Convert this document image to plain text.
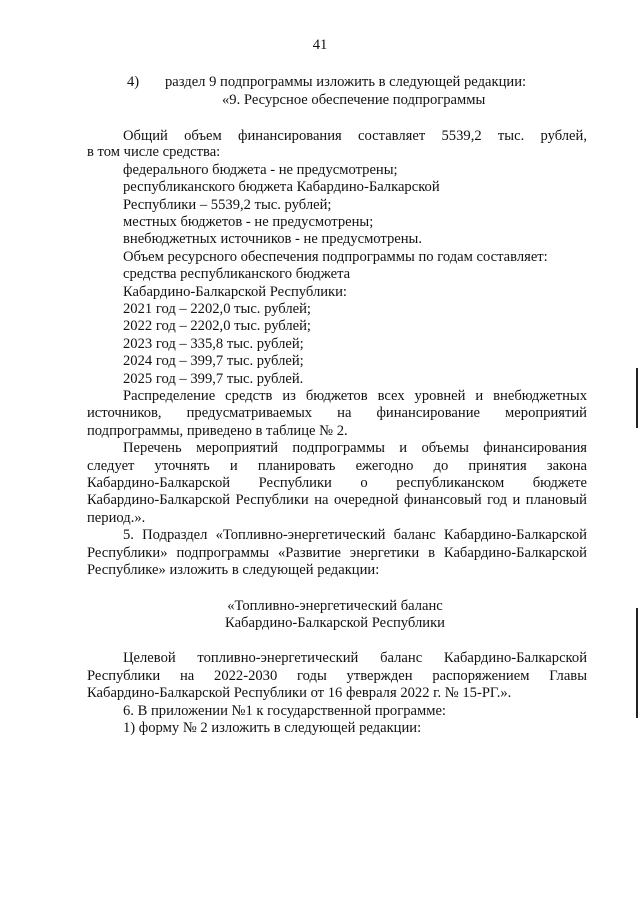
41
4)	раздел 9 подпрограммы изложить в следующей редакции:
«9. Ресурсное обеспечение подпрограммы
Общий объем финансирования составляет 5539,2 тыс. рублей,
в том числе средства:
федерального бюджета - не предусмотрены;
республиканского бюджета Кабардино-Балкарской
Республики – 5539,2 тыс. рублей;
местных бюджетов - не предусмотрены;
внебюджетных источников - не предусмотрены.
Объем ресурсного обеспечения подпрограммы по годам составляет:
средства республиканского бюджета
Кабардино-Балкарской Республики:
2021 год – 2202,0 тыс. рублей;
2022 год – 2202,0 тыс. рублей;
2023 год – 335,8 тыс. рублей;
2024 год – 399,7 тыс. рублей;
2025 год – 399,7 тыс. рублей.
Распределение средств из бюджетов всех уровней и внебюджетных
источников, предусматриваемых на финансирование мероприятий
подпрограммы, приведено в таблице № 2.
Перечень мероприятий подпрограммы и объемы финансирования
следует уточнять и планировать ежегодно до принятия закона
Кабардино-Балкарской Республики о республиканском бюджете
Кабардино-Балкарской Республики на очередной финансовый год и плановый
период.».
5. Подраздел «Топливно-энергетический баланс Кабардино-Балкарской
Республики» подпрограммы «Развитие энергетики в Кабардино-Балкарской
Республике» изложить в следующей редакции:
«Топливно-энергетический баланс
Кабардино-Балкарской Республики
Целевой топливно-энергетический баланс Кабардино-Балкарской
Республики на 2022-2030 годы утвержден распоряжением Главы
Кабардино-Балкарской Республики от 16 февраля 2022 г. № 15-РГ.».
6. В приложении №1 к государственной программе:
1) форму № 2 изложить в следующей редакции:
